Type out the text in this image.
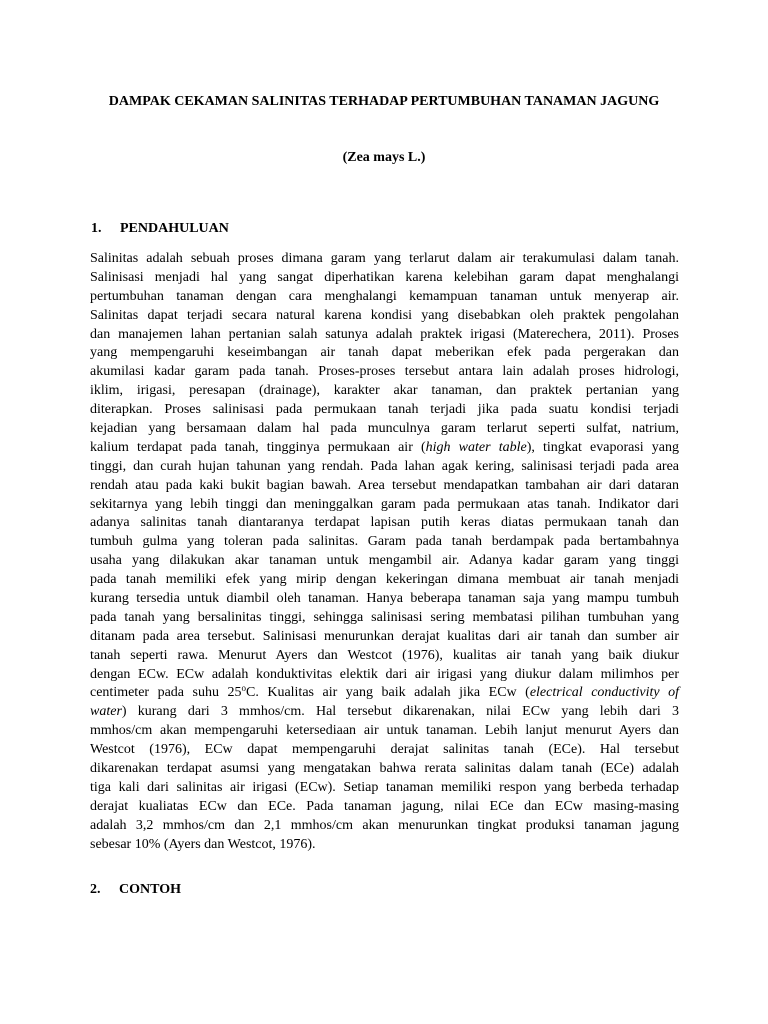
DAMPAK CEKAMAN SALINITAS TERHADAP PERTUMBUHAN TANAMAN JAGUNG
(Zea mays L.)
1. PENDAHULUAN
Salinitas adalah sebuah proses dimana garam yang terlarut dalam air terakumulasi dalam tanah.
Salinisasi menjadi hal yang sangat diperhatikan karena kelebihan garam dapat menghalangi
pertumbuhan tanaman dengan cara menghalangi kemampuan tanaman untuk menyerap air.
Salinitas dapat terjadi secara natural karena kondisi yang disebabkan oleh praktek pengolahan
dan manajemen lahan pertanian salah satunya adalah praktek irigasi (Materechera, 2011). Proses
yang mempengaruhi keseimbangan air tanah dapat meberikan efek pada pergerakan dan
akumilasi kadar garam pada tanah. Proses-proses tersebut antara lain adalah proses hidrologi,
iklim, irigasi, peresapan (drainage), karakter akar tanaman, dan praktek pertanian yang
diterapkan. Proses salinisasi pada permukaan tanah terjadi jika pada suatu kondisi terjadi
kejadian yang bersamaan dalam hal pada munculnya garam terlarut seperti sulfat, natrium,
kalium terdapat pada tanah, tingginya permukaan air (high water table), tingkat evaporasi yang
tinggi, dan curah hujan tahunan yang rendah. Pada lahan agak kering, salinisasi terjadi pada area
rendah atau pada kaki bukit bagian bawah. Area tersebut mendapatkan tambahan air dari dataran
sekitarnya yang lebih tinggi dan meninggalkan garam pada permukaan atas tanah. Indikator dari
adanya salinitas tanah diantaranya terdapat lapisan putih keras diatas permukaan tanah dan
tumbuh gulma yang toleran pada salinitas. Garam pada tanah berdampak pada bertambahnya
usaha yang dilakukan akar tanaman untuk mengambil air. Adanya kadar garam yang tinggi
pada tanah memiliki efek yang mirip dengan kekeringan dimana membuat air tanah menjadi
kurang tersedia untuk diambil oleh tanaman. Hanya beberapa tanaman saja yang mampu tumbuh
pada tanah yang bersalinitas tinggi, sehingga salinisasi sering membatasi pilihan tumbuhan yang
ditanam pada area tersebut. Salinisasi menurunkan derajat kualitas dari air tanah dan sumber air
tanah seperti rawa. Menurut Ayers dan Westcot (1976), kualitas air tanah yang baik diukur
dengan ECw. ECw adalah konduktivitas elektik dari air irigasi yang diukur dalam milimhos per
centimeter pada suhu 25$^o$C. Kualitas air yang baik adalah jika ECw (electrical conductivity of
water) kurang dari 3 mmhos/cm. Hal tersebut dikarenakan, nilai ECw yang lebih dari 3
mmhos/cm akan mempengaruhi ketersediaan air untuk tanaman. Lebih lanjut menurut Ayers dan
Westcot (1976), ECw dapat mempengaruhi derajat salinitas tanah (ECe). Hal tersebut
dikarenakan terdapat asumsi yang mengatakan bahwa rerata salinitas dalam tanah (ECe) adalah
tiga kali dari salinitas air irigasi (ECw). Setiap tanaman memiliki respon yang berbeda terhadap
derajat kualiatas ECw dan ECe. Pada tanaman jagung, nilai ECe dan ECw masing-masing
adalah 3,2 mmhos/cm dan 2,1 mmhos/cm akan menurunkan tingkat produksi tanaman jagung
sebesar 10% (Ayers dan Westcot, 1976).
2. CONTOH
